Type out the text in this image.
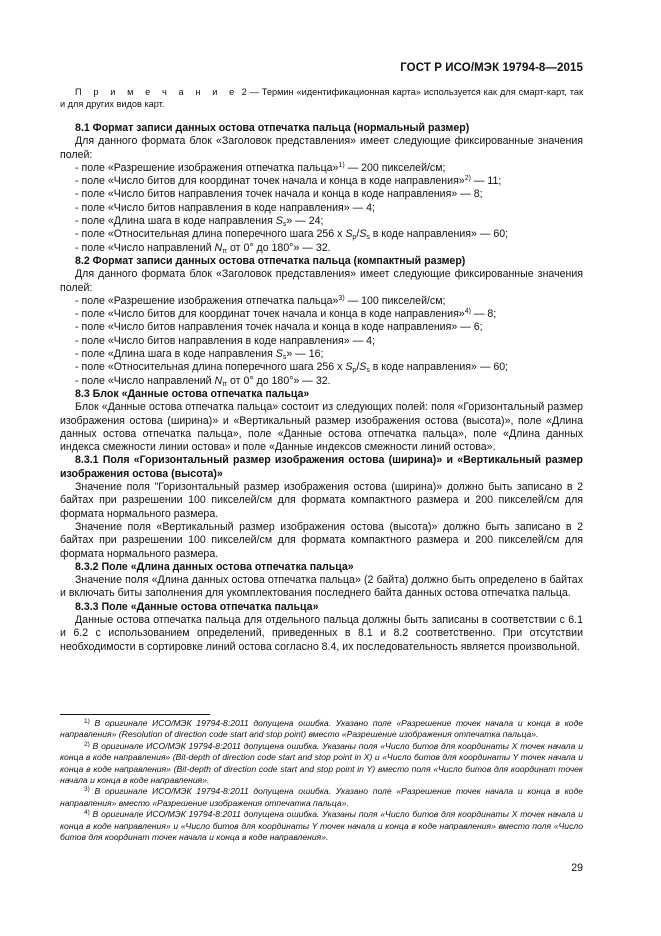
ГОСТ Р ИСО/МЭК 19794-8—2015

П р и м е ч а н и е 2 — Термин «идентификационная карта» используется как для смарт-карт, так и для других видов карт.

8.1 Формат записи данных остова отпечатка пальца (нормальный размер)

Для данного формата блок «Заголовок представления» имеет следующие фиксированные значения полей:

- поле «Разрешение изображения отпечатка пальца»$^{1)}$ — 200 пикселей/см;

- поле «Число битов для координат точек начала и конца в коде направления»$^{2)}$ — 11;

- поле «Число битов направления точек начала и конца в коде направления» — 8;

- поле «Число битов направления в коде направления» — 4;

- поле «Длина шага в коде направления $S_s$» — 24;

- поле «Относительная длина поперечного шага 256 x $S_p/S_s$ в коде направления» — 60;

- поле «Число направлений $N_\pi$ от 0° до 180°» — 32.

8.2 Формат записи данных остова отпечатка пальца (компактный размер)

Для данного формата блок «Заголовок представления» имеет следующие фиксированные значения полей:

- поле «Разрешение изображения отпечатка пальца»$^{3)}$ — 100 пикселей/см;

- поле «Число битов для координат точек начала и конца в коде направления»$^{4)}$ — 8;

- поле «Число битов направления точек начала и конца в коде направления» — 6;

- поле «Число битов направления в коде направления» — 4;

- поле «Длина шага в коде направления $S_s$» — 16;

- поле «Относительная длина поперечного шага 256 x $S_p/S_s$ в коде направления» — 60;

- поле «Число направлений $N_\pi$ от 0° до 180°» — 32.

8.3 Блок «Данные остова отпечатка пальца»

Блок «Данные остова отпечатка пальца» состоит из следующих полей: поля «Горизонтальный размер изображения остова (ширина)» и «Вертикальный размер изображения остова (высота)», поле «Длина данных остова отпечатка пальца», поле «Данные остова отпечатка пальца», поле «Длина данных индекса смежности линии остова» и поле «Данные индексов смежности линий остова».

8.3.1 Поля «Горизонтальный размер изображения остова (ширина)» и «Вертикальный размер изображения остова (высота)»

Значение поля "Горизонтальный размер изображения остова (ширина)» должно быть записано в 2 байтах при разрешении 100 пикселей/см для формата компактного размера и 200 пикселей/см для формата нормального размера.

Значение поля «Вертикальный размер изображения остова (высота)» должно быть записано в 2 байтах при разрешении 100 пикселей/см для формата компактного размера и 200 пикселей/см для формата нормального размера.

8.3.2 Поле «Длина данных остова отпечатка пальца»

Значение поля «Длина данных остова отпечатка пальца» (2 байта) должно быть определено в байтах и включать биты заполнения для укомплектования последнего байта данных остова отпечатка пальца.

8.3.3 Поле «Данные остова отпечатка пальца»

Данные остова отпечатка пальца для отдельного пальца должны быть записаны в соответствии с 6.1 и 6.2 с использованием определений, приведенных в 8.1 и 8.2 соответственно. При отсутствии необходимости в сортировке линий остова согласно 8.4, их последовательность является произвольной.

$^{1)}$ В оригинале ИСО/МЭК 19794-8:2011 допущена ошибка. Указано поле «Разрешение точек начала и конца в коде направления» (Resolution of direction code start and stop point) вместо «Разрешение изображения отпечатка пальца».

$^{2)}$ В оригинале ИСО/МЭК 19794-8:2011 допущена ошибка. Указаны поля «Число битов для координаты X точек начала и конца в коде направления» (Bit-depth of direction code start and stop point in X) и «Число битов для координаты Y точек начала и конца в коде направления» (Bit-depth of direction code start and stop point in Y) вместо поля «Число битов для координат точек начала и конца в коде направления».

$^{3)}$ В оригинале ИСО/МЭК 19794-8:2011 допущена ошибка. Указано поле «Разрешение точек начала и конца в коде направления» вместо «Разрешение изображения отпечатка пальца».

$^{4)}$ В оригинале ИСО/МЭК 19794-8:2011 допущена ошибка. Указаны поля «Число битов для координаты X точек начала и конца в коде направления» и «Число битов для координаты Y точек начала и конца в коде направления» вместо поля «Число битов для координат точек начала и конца в коде направления».

29
